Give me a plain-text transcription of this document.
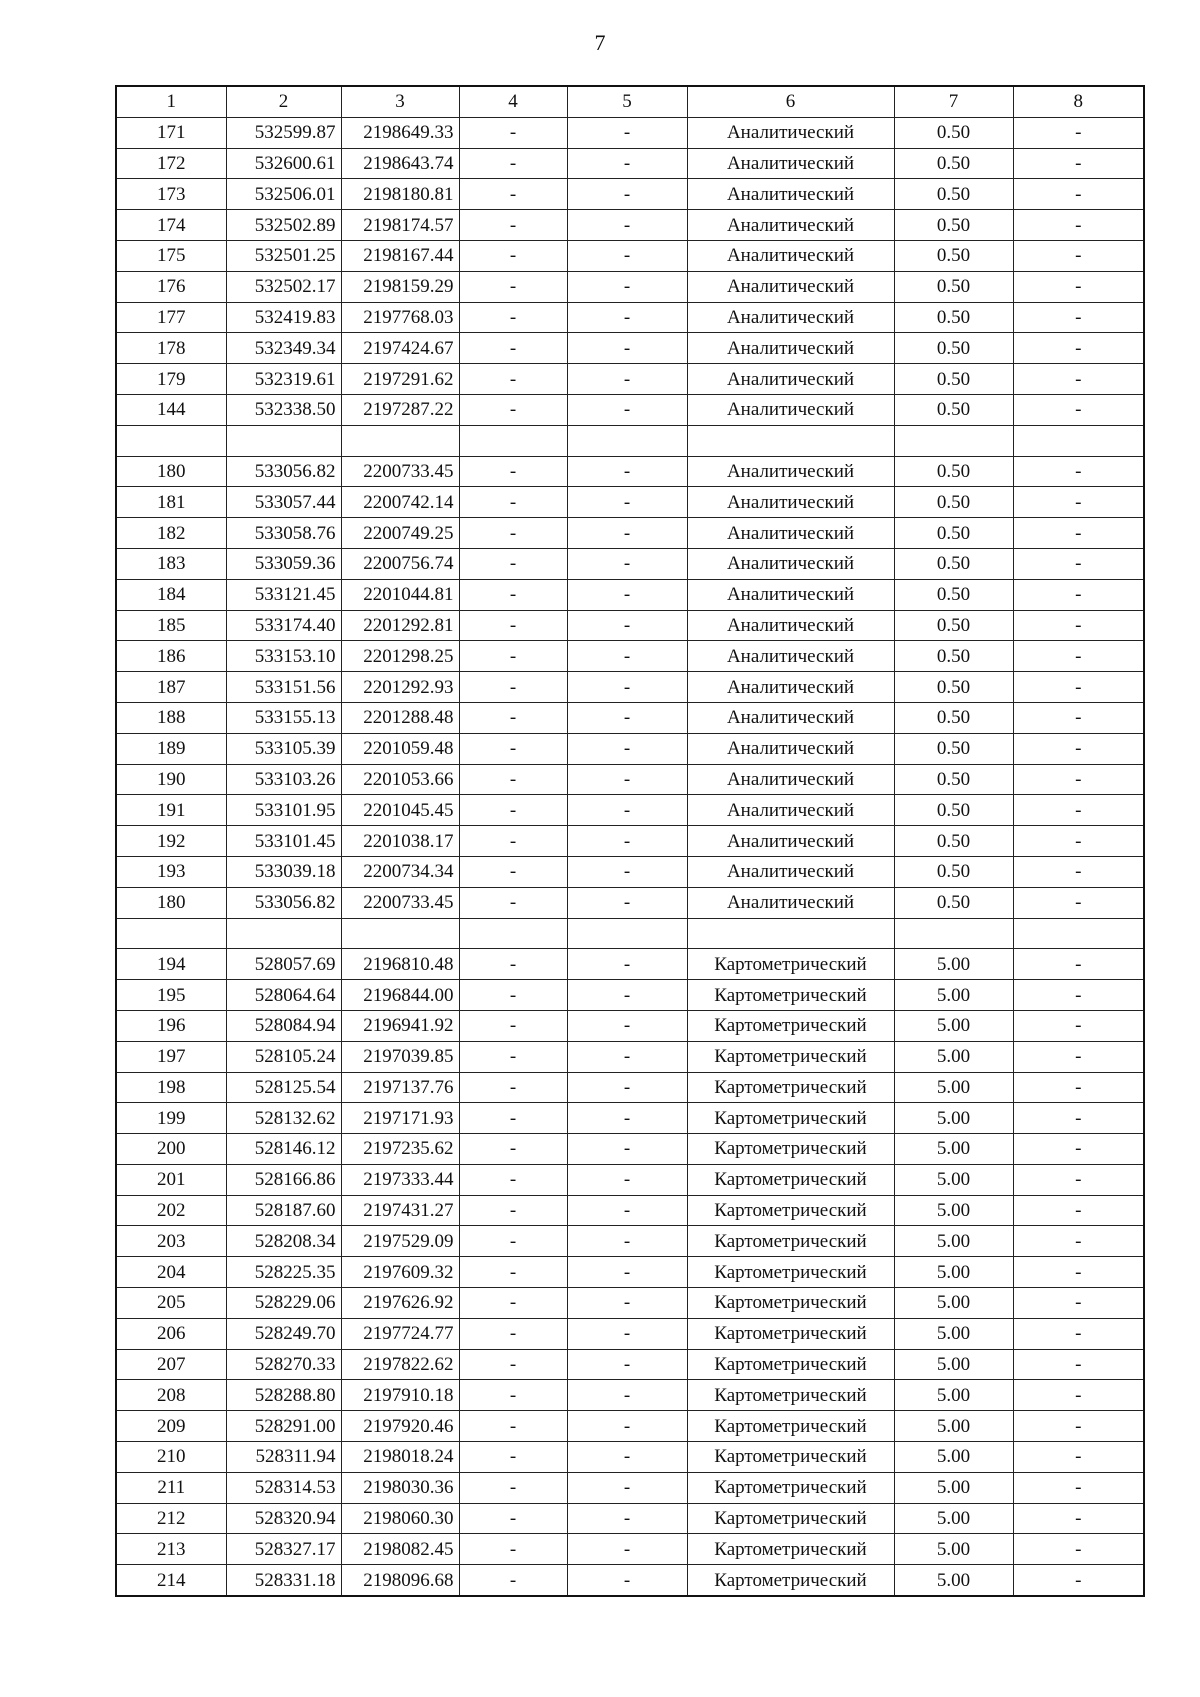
7
1	2	3	4	5	6	7	8
171	532599.87	2198649.33	-	-	Аналитический	0.50	-
172	532600.61	2198643.74	-	-	Аналитический	0.50	-
173	532506.01	2198180.81	-	-	Аналитический	0.50	-
174	532502.89	2198174.57	-	-	Аналитический	0.50	-
175	532501.25	2198167.44	-	-	Аналитический	0.50	-
176	532502.17	2198159.29	-	-	Аналитический	0.50	-
177	532419.83	2197768.03	-	-	Аналитический	0.50	-
178	532349.34	2197424.67	-	-	Аналитический	0.50	-
179	532319.61	2197291.62	-	-	Аналитический	0.50	-
144	532338.50	2197287.22	-	-	Аналитический	0.50	-

180	533056.82	2200733.45	-	-	Аналитический	0.50	-
181	533057.44	2200742.14	-	-	Аналитический	0.50	-
182	533058.76	2200749.25	-	-	Аналитический	0.50	-
183	533059.36	2200756.74	-	-	Аналитический	0.50	-
184	533121.45	2201044.81	-	-	Аналитический	0.50	-
185	533174.40	2201292.81	-	-	Аналитический	0.50	-
186	533153.10	2201298.25	-	-	Аналитический	0.50	-
187	533151.56	2201292.93	-	-	Аналитический	0.50	-
188	533155.13	2201288.48	-	-	Аналитический	0.50	-
189	533105.39	2201059.48	-	-	Аналитический	0.50	-
190	533103.26	2201053.66	-	-	Аналитический	0.50	-
191	533101.95	2201045.45	-	-	Аналитический	0.50	-
192	533101.45	2201038.17	-	-	Аналитический	0.50	-
193	533039.18	2200734.34	-	-	Аналитический	0.50	-
180	533056.82	2200733.45	-	-	Аналитический	0.50	-

194	528057.69	2196810.48	-	-	Картометрический	5.00	-
195	528064.64	2196844.00	-	-	Картометрический	5.00	-
196	528084.94	2196941.92	-	-	Картометрический	5.00	-
197	528105.24	2197039.85	-	-	Картометрический	5.00	-
198	528125.54	2197137.76	-	-	Картометрический	5.00	-
199	528132.62	2197171.93	-	-	Картометрический	5.00	-
200	528146.12	2197235.62	-	-	Картометрический	5.00	-
201	528166.86	2197333.44	-	-	Картометрический	5.00	-
202	528187.60	2197431.27	-	-	Картометрический	5.00	-
203	528208.34	2197529.09	-	-	Картометрический	5.00	-
204	528225.35	2197609.32	-	-	Картометрический	5.00	-
205	528229.06	2197626.92	-	-	Картометрический	5.00	-
206	528249.70	2197724.77	-	-	Картометрический	5.00	-
207	528270.33	2197822.62	-	-	Картометрический	5.00	-
208	528288.80	2197910.18	-	-	Картометрический	5.00	-
209	528291.00	2197920.46	-	-	Картометрический	5.00	-
210	528311.94	2198018.24	-	-	Картометрический	5.00	-
211	528314.53	2198030.36	-	-	Картометрический	5.00	-
212	528320.94	2198060.30	-	-	Картометрический	5.00	-
213	528327.17	2198082.45	-	-	Картометрический	5.00	-
214	528331.18	2198096.68	-	-	Картометрический	5.00	-
